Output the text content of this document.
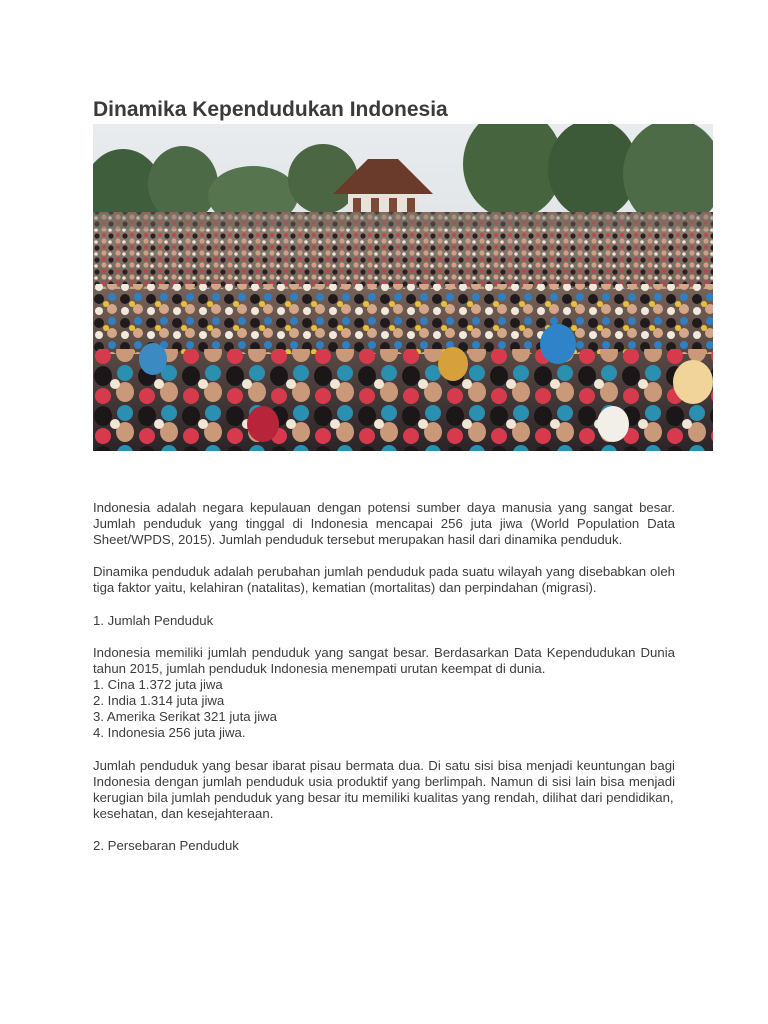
Dinamika Kependudukan Indonesia

Indonesia adalah negara kepulauan dengan potensi sumber daya manusia yang sangat besar. Jumlah penduduk yang tinggal di Indonesia mencapai 256 juta jiwa (World Population Data Sheet/WPDS, 2015). Jumlah penduduk tersebut merupakan hasil dari dinamika penduduk.

Dinamika penduduk adalah perubahan jumlah penduduk pada suatu wilayah yang disebabkan oleh tiga faktor yaitu, kelahiran (natalitas), kematian (mortalitas) dan perpindahan (migrasi).

1. Jumlah Penduduk

Indonesia memiliki jumlah penduduk yang sangat besar. Berdasarkan Data Kependudukan Dunia tahun 2015, jumlah penduduk Indonesia menempati urutan keempat di dunia.

1. Cina 1.372 juta jiwa

2. India 1.314 juta jiwa

3. Amerika Serikat 321 juta jiwa

4. Indonesia 256 juta jiwa.

Jumlah penduduk yang besar ibarat pisau bermata dua. Di satu sisi bisa menjadi keuntungan bagi Indonesia dengan jumlah penduduk usia produktif yang berlimpah. Namun di sisi lain bisa menjadi kerugian bila jumlah penduduk yang besar itu memiliki kualitas yang rendah, dilihat dari pendidikan,

kesehatan, dan kesejahteraan.

2. Persebaran Penduduk
